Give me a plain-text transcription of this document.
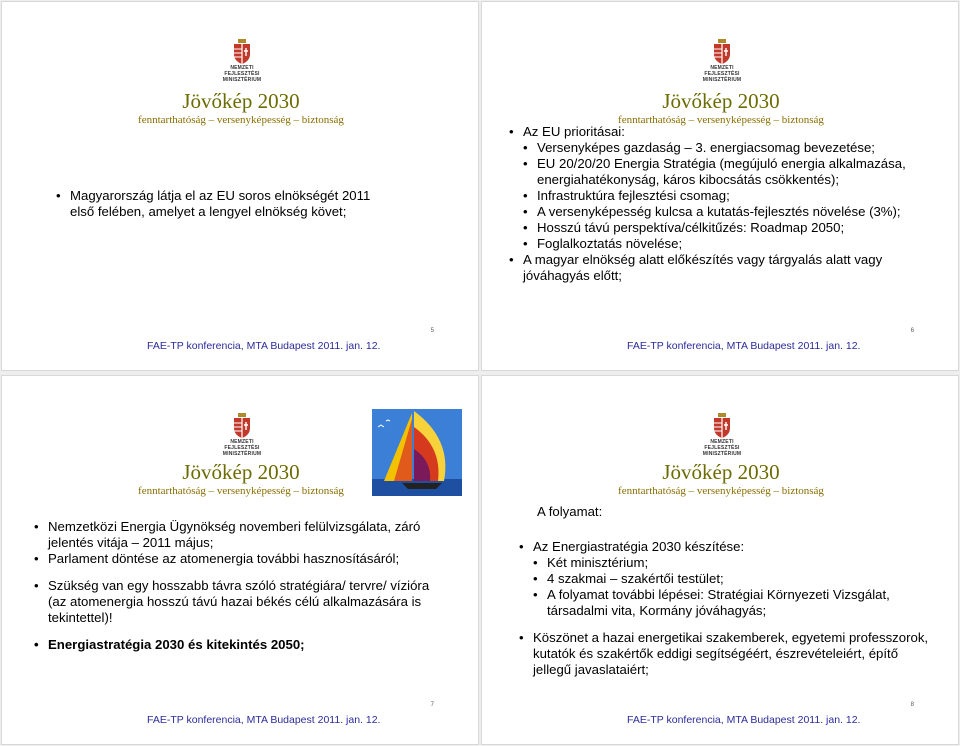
NEMZETI FEJLESZTÉSI MINISZTÉRIUM
Jövőkép 2030
fenntarthatóság – versenyképesség – biztonság
• Magyarország látja el az EU soros elnökségét 2011 első felében, amelyet a lengyel elnökség követ;
5
FAE-TP konferencia, MTA Budapest 2011. jan. 12.
NEMZETI FEJLESZTÉSI MINISZTÉRIUM
Jövőkép 2030
fenntarthatóság – versenyképesség – biztonság
• Az EU prioritásai:
• Versenyképes gazdaság – 3. energiacsomag bevezetése;
• EU 20/20/20 Energia Stratégia (megújuló energia alkalmazása, energiahatékonyság, káros kibocsátás csökkentés);
• Infrastruktúra fejlesztési csomag;
• A versenyképesség kulcsa a kutatás-fejlesztés növelése (3%);
• Hosszú távú perspektíva/célkitűzés: Roadmap 2050;
• Foglalkoztatás növelése;
• A magyar elnökség alatt előkészítés vagy tárgyalás alatt vagy jóváhagyás előtt;
6
FAE-TP konferencia, MTA Budapest 2011. jan. 12.
NEMZETI FEJLESZTÉSI MINISZTÉRIUM
Jövőkép 2030
fenntarthatóság – versenyképesség – biztonság
• Nemzetközi Energia Ügynökség novemberi felülvizsgálata, záró jelentés vitája – 2011 május;
• Parlament döntése az atomenergia további hasznosításáról;
• Szükség van egy hosszabb távra szóló stratégiára/ tervre/ vízióra (az atomenergia hosszú távú hazai békés célú alkalmazására is tekintettel)!
• Energiastratégia 2030 és kitekintés 2050;
7
FAE-TP konferencia, MTA Budapest 2011. jan. 12.
NEMZETI FEJLESZTÉSI MINISZTÉRIUM
Jövőkép 2030
fenntarthatóság – versenyképesség – biztonság
A folyamat:
• Az Energiastratégia 2030 készítése:
• Két minisztérium;
• 4 szakmai – szakértői testület;
• A folyamat további lépései: Stratégiai Környezeti Vizsgálat, társadalmi vita, Kormány jóváhagyás;
• Köszönet a hazai energetikai szakemberek, egyetemi professzorok, kutatók és szakértők eddigi segítségéért, észrevételeiért, építő jellegű javaslataiért;
8
FAE-TP konferencia, MTA Budapest 2011. jan. 12.
